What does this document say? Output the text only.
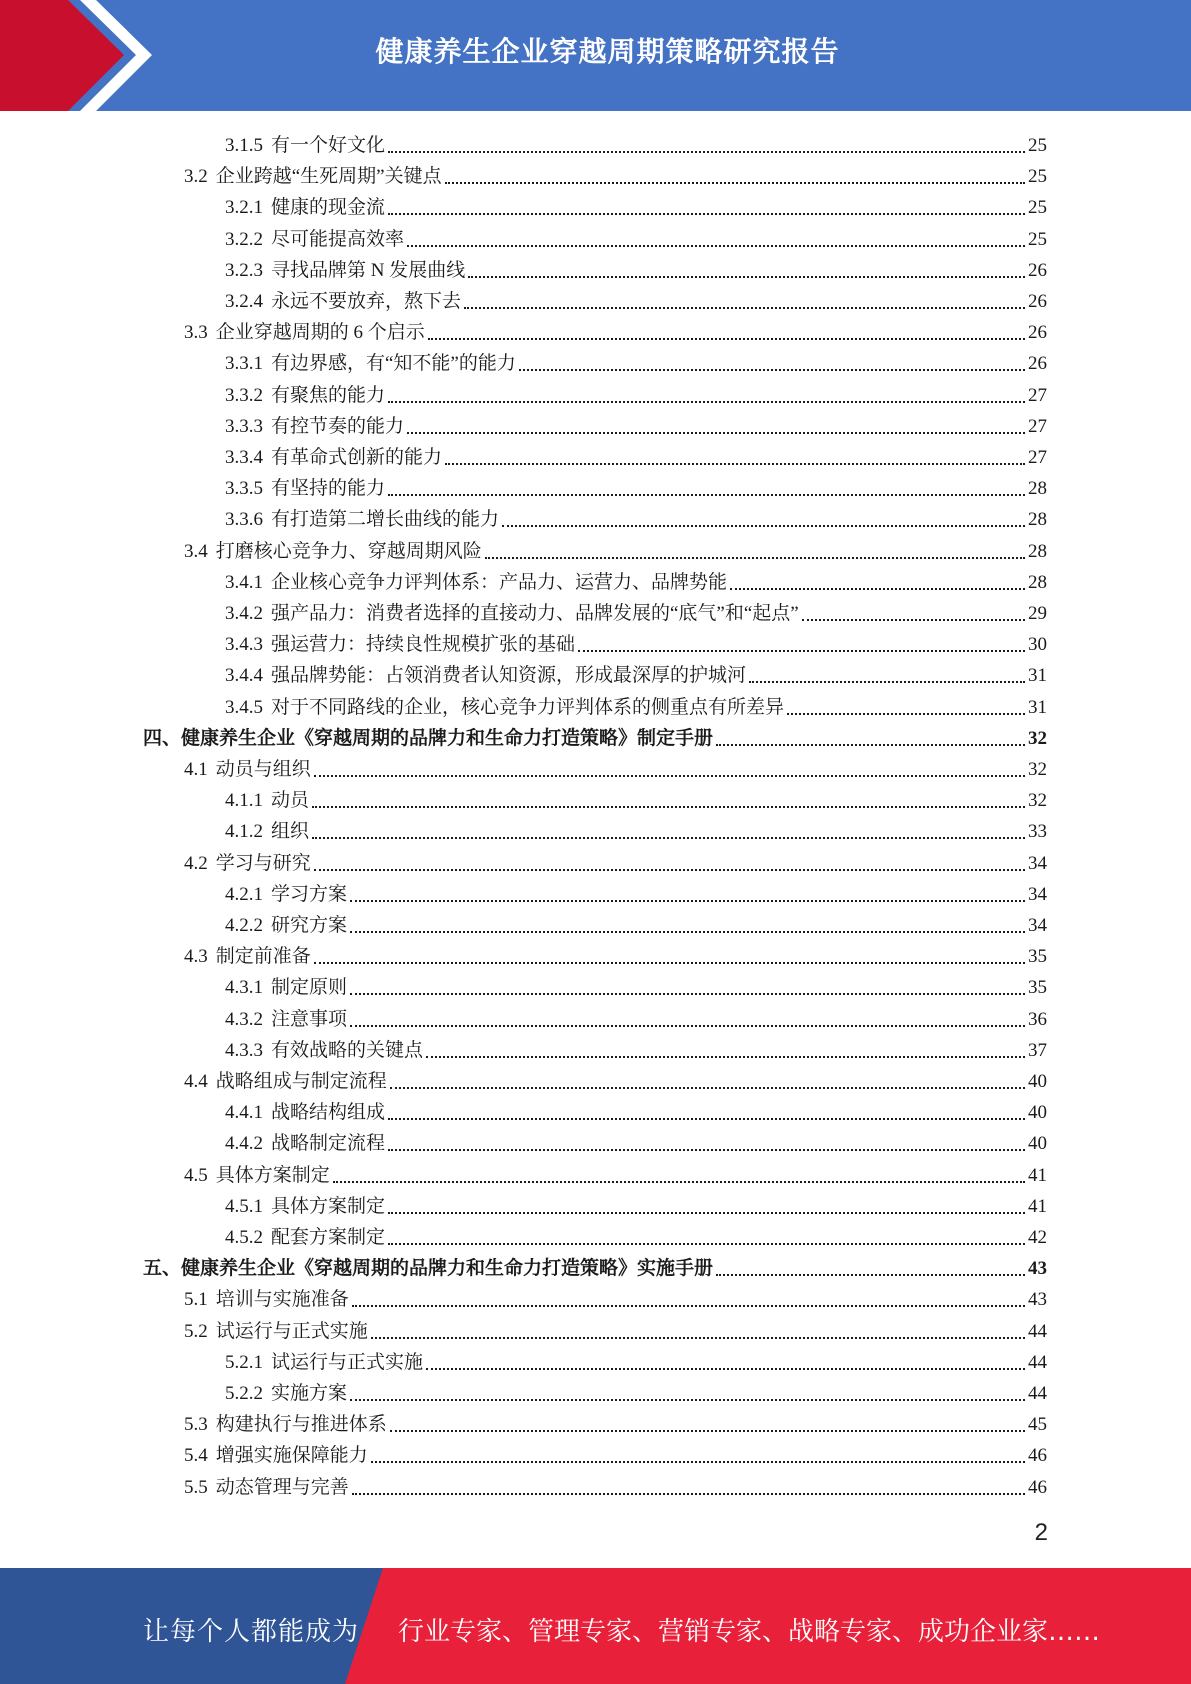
健康养生企业穿越周期策略研究报告
3.1.5 有一个好文化	25
3.2 企业跨越“生死周期”关键点	25
3.2.1 健康的现金流	25
3.2.2 尽可能提高效率	25
3.2.3 寻找品牌第 N 发展曲线	26
3.2.4 永远不要放弃，熬下去	26
3.3 企业穿越周期的 6 个启示	26
3.3.1 有边界感，有“知不能”的能力	26
3.3.2 有聚焦的能力	27
3.3.3 有控节奏的能力	27
3.3.4 有革命式创新的能力	27
3.3.5 有坚持的能力	28
3.3.6 有打造第二增长曲线的能力	28
3.4 打磨核心竞争力、穿越周期风险	28
3.4.1 企业核心竞争力评判体系：产品力、运营力、品牌势能	28
3.4.2 强产品力：消费者选择的直接动力、品牌发展的“底气”和“起点”	29
3.4.3 强运营力：持续良性规模扩张的基础	30
3.4.4 强品牌势能：占领消费者认知资源，形成最深厚的护城河	31
3.4.5 对于不同路线的企业，核心竞争力评判体系的侧重点有所差异	31
四、 健康养生企业《穿越周期的品牌力和生命力打造策略》制定手册	32
4.1 动员与组织	32
4.1.1 动员	32
4.1.2 组织	33
4.2 学习与研究	34
4.2.1 学习方案	34
4.2.2 研究方案	34
4.3 制定前准备	35
4.3.1 制定原则	35
4.3.2 注意事项	36
4.3.3 有效战略的关键点	37
4.4 战略组成与制定流程	40
4.4.1 战略结构组成	40
4.4.2 战略制定流程	40
4.5 具体方案制定	41
4.5.1 具体方案制定	41
4.5.2 配套方案制定	42
五、 健康养生企业《穿越周期的品牌力和生命力打造策略》实施手册	43
5.1 培训与实施准备	43
5.2 试运行与正式实施	44
5.2.1 试运行与正式实施	44
5.2.2 实施方案	44
5.3 构建执行与推进体系	45
5.4 增强实施保障能力	46
5.5 动态管理与完善	46
2
让每个人都能成为 行业专家、管理专家、营销专家、战略专家、成功企业家……
